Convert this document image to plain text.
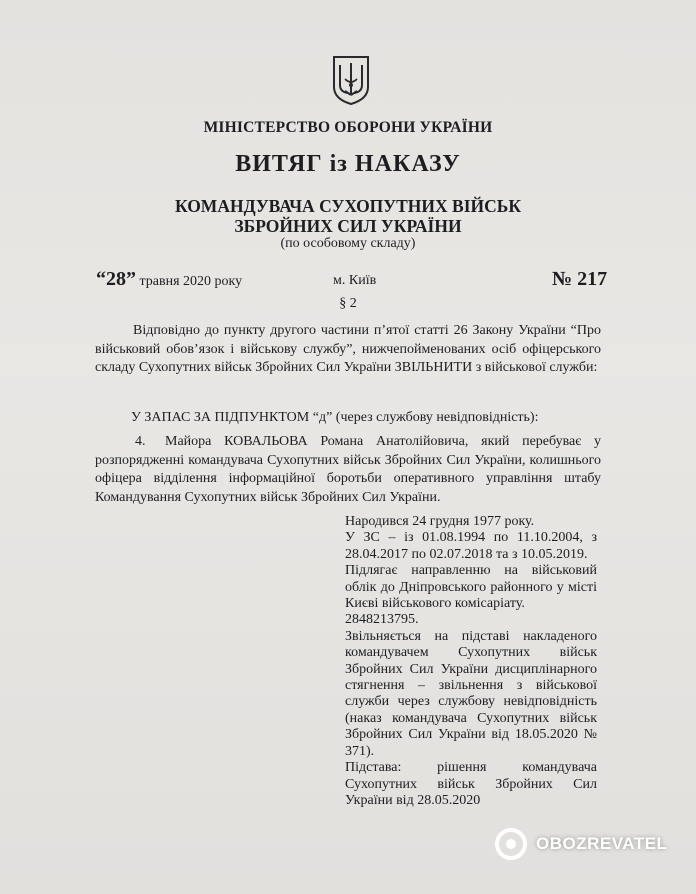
МІНІСТЕРСТВО ОБОРОНИ УКРАЇНИ
ВИТЯГ із НАКАЗУ
КОМАНДУВАЧА СУХОПУТНИХ ВІЙСЬК
ЗБРОЙНИХ СИЛ УКРАЇНИ
(по особовому складу)
“28” травня 2020 року	м. Київ	№ 217
§ 2
Відповідно до пункту другого частини п’ятої статті 26 Закону України “Про військовий обов’язок і військову службу”, нижчепойменованих осіб офіцерського складу Сухопутних військ Збройних Сил України ЗВІЛЬНИТИ з військової служби:
У ЗАПАС ЗА ПІДПУНКТОМ “д” (через службову невідповідність):
4. Майора КОВАЛЬОВА Романа Анатолійовича, який перебуває у розпорядженні командувача Сухопутних військ Збройних Сил України, колишнього офіцера відділення інформаційної боротьби оперативного управління штабу Командування Сухопутних військ Збройних Сил України.

Народився 24 грудня 1977 року.

У ЗС – із 01.08.1994 по 11.10.2004, з 28.04.2017 по 02.07.2018 та з 10.05.2019.

Підлягає направленню на військовий облік до Дніпровського районного у місті Києві військового комісаріату.

2848213795.

Звільняється на підставі накладеного командувачем Сухопутних військ Збройних Сил України дисциплінарного стягнення – звільнення з військової служби через службову невідповідність (наказ командувача Сухопутних військ Збройних Сил України від 18.05.2020 № 371).

Підстава: рішення командувача Сухопутних військ Збройних Сил України від 28.05.2020

OBOZREVATEL
